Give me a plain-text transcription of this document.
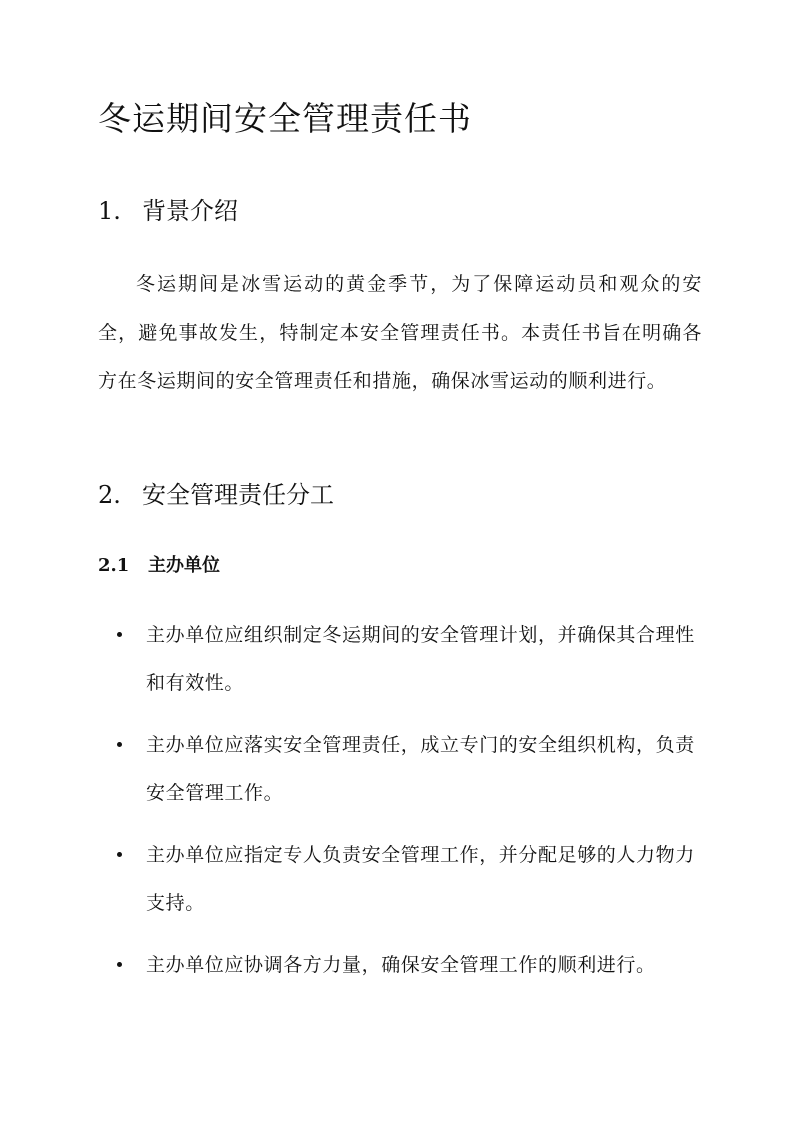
冬运期间安全管理责任书
1. 背景介绍

冬运期间是冰雪运动的黄金季节，为了保障运动员和观众的安全，避免事故发生，特制定本安全管理责任书。本责任书旨在明确各方在冬运期间的安全管理责任和措施，确保冰雪运动的顺利进行。

2. 安全管理责任分工
2.1 主办单位
主办单位应组织制定冬运期间的安全管理计划，并确保其合理性和有效性。
主办单位应落实安全管理责任，成立专门的安全组织机构，负责安全管理工作。
主办单位应指定专人负责安全管理工作，并分配足够的人力物力支持。
主办单位应协调各方力量，确保安全管理工作的顺利进行。
